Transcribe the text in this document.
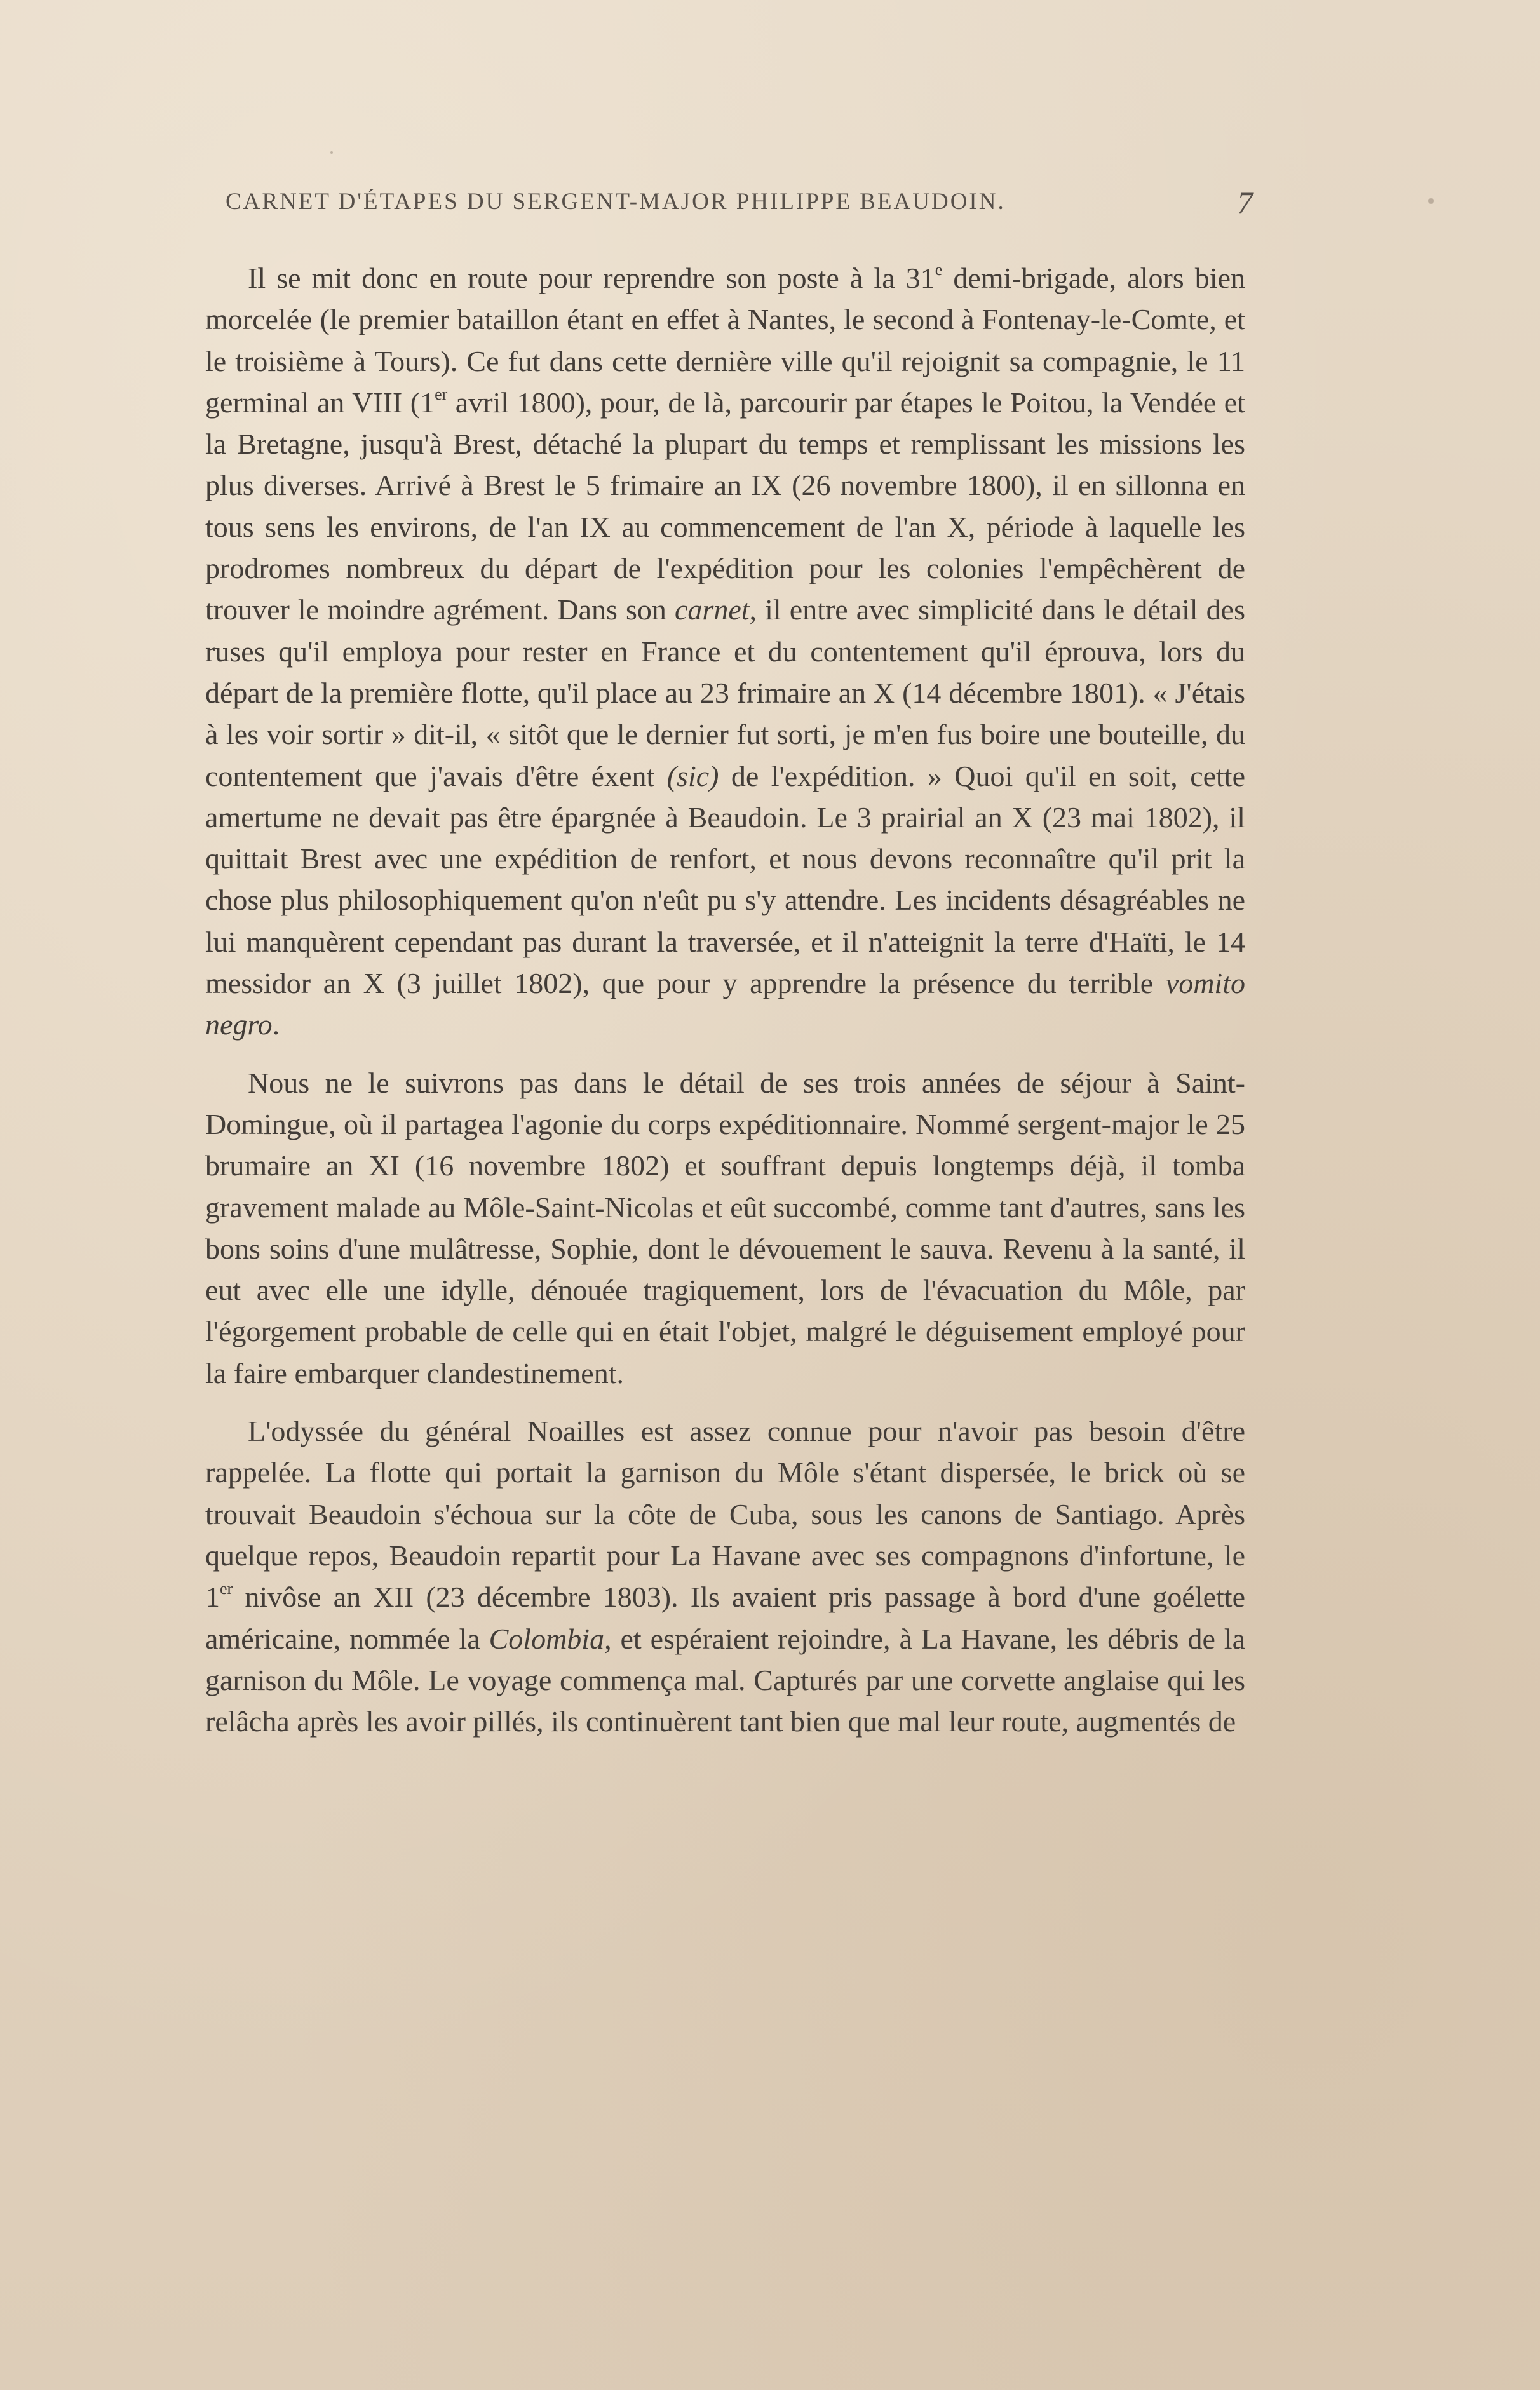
CARNET D'ÉTAPES DU SERGENT-MAJOR PHILIPPE BEAUDOIN.	7

Il se mit donc en route pour reprendre son poste à la 31e demi-brigade, alors bien morcelée (le premier bataillon étant en effet à Nantes, le second à Fontenay-le-Comte, et le troisième à Tours). Ce fut dans cette dernière ville qu'il rejoignit sa compagnie, le 11 germinal an VIII (1er avril 1800), pour, de là, parcourir par étapes le Poitou, la Vendée et la Bretagne, jusqu'à Brest, détaché la plupart du temps et remplissant les missions les plus diverses. Arrivé à Brest le 5 frimaire an IX (26 novembre 1800), il en sillonna en tous sens les environs, de l'an IX au commencement de l'an X, période à laquelle les prodromes nombreux du départ de l'expédition pour les colonies l'empêchèrent de trouver le moindre agrément. Dans son carnet, il entre avec simplicité dans le détail des ruses qu'il employa pour rester en France et du contentement qu'il éprouva, lors du départ de la première flotte, qu'il place au 23 frimaire an X (14 décembre 1801). « J'étais à les voir sortir » dit-il, « sitôt que le dernier fut sorti, je m'en fus boire une bouteille, du contentement que j'avais d'être éxent (sic) de l'expédition. » Quoi qu'il en soit, cette amertume ne devait pas être épargnée à Beaudoin. Le 3 prairial an X (23 mai 1802), il quittait Brest avec une expédition de renfort, et nous devons reconnaître qu'il prit la chose plus philosophiquement qu'on n'eût pu s'y attendre. Les incidents désagréables ne lui manquèrent cependant pas durant la traversée, et il n'atteignit la terre d'Haïti, le 14 messidor an X (3 juillet 1802), que pour y apprendre la présence du terrible vomito negro.

Nous ne le suivrons pas dans le détail de ses trois années de séjour à Saint-Domingue, où il partagea l'agonie du corps expéditionnaire. Nommé sergent-major le 25 brumaire an XI (16 novembre 1802) et souffrant depuis longtemps déjà, il tomba gravement malade au Môle-Saint-Nicolas et eût succombé, comme tant d'autres, sans les bons soins d'une mulâtresse, Sophie, dont le dévouement le sauva. Revenu à la santé, il eut avec elle une idylle, dénouée tragiquement, lors de l'évacuation du Môle, par l'égorgement probable de celle qui en était l'objet, malgré le déguisement employé pour la faire embarquer clandestinement.

L'odyssée du général Noailles est assez connue pour n'avoir pas besoin d'être rappelée. La flotte qui portait la garnison du Môle s'étant dispersée, le brick où se trouvait Beaudoin s'échoua sur la côte de Cuba, sous les canons de Santiago. Après quelque repos, Beaudoin repartit pour La Havane avec ses compagnons d'infortune, le 1er nivôse an XII (23 décembre 1803). Ils avaient pris passage à bord d'une goélette américaine, nommée la Colombia, et espéraient rejoindre, à La Havane, les débris de la garnison du Môle. Le voyage commença mal. Capturés par une corvette anglaise qui les relâcha après les avoir pillés, ils continuèrent tant bien que mal leur route, augmentés de
